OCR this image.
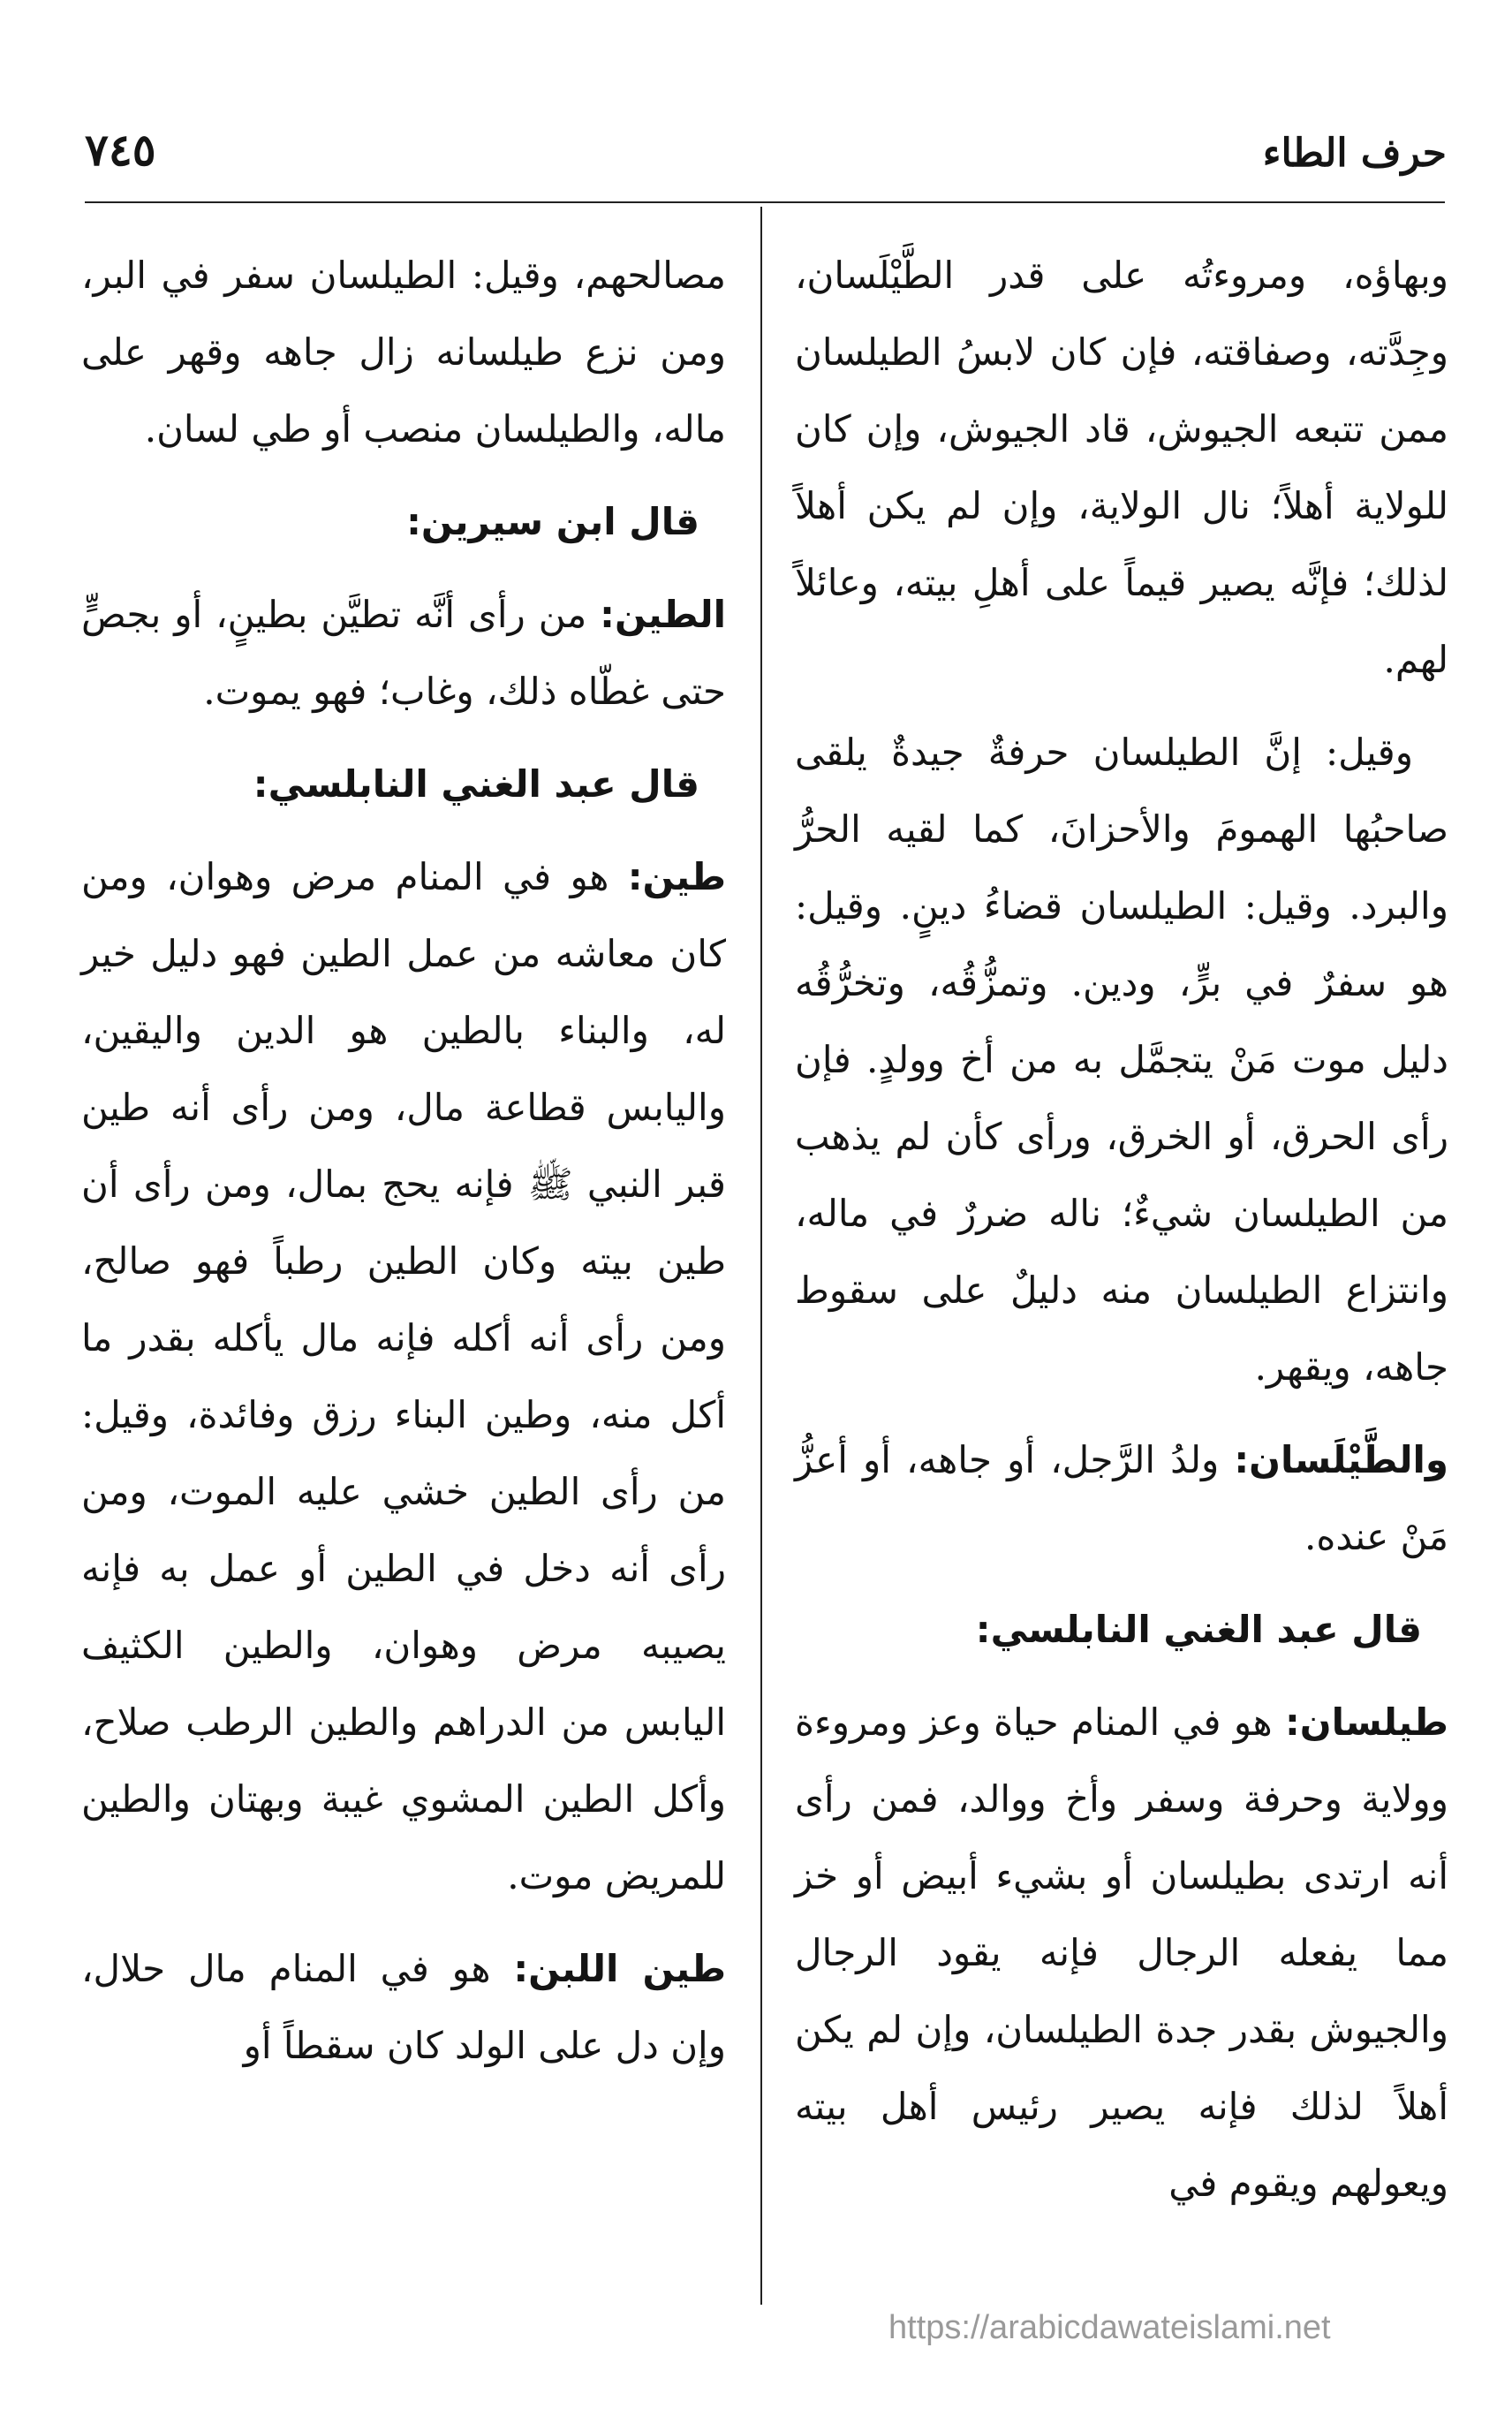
حرف الطاء
٧٤٥

وبهاؤه، ومروءتُه على قدر الطَّيْلَسان، وجِدَّته، وصفاقته، فإن كان لابسُ الطيلسان ممن تتبعه الجيوش، قاد الجيوش، وإن كان للولاية أهلاً؛ نال الولاية، وإن لم يكن أهلاً لذلك؛ فإنَّه يصير قيماً على أهلِ بيته، وعائلاً لهم.

وقيل: إنَّ الطيلسان حرفةٌ جيدةٌ يلقى صاحبُها الهمومَ والأحزانَ، كما لقيه الحرُّ والبرد. وقيل: الطيلسان قضاءُ دينٍ. وقيل: هو سفرٌ في برٍّ، ودين. وتمزُّقُه، وتخرُّقُه دليل موت مَنْ يتجمَّل به من أخ وولدٍ. فإن رأى الحرق، أو الخرق، ورأى كأن لم يذهب من الطيلسان شيءٌ؛ ناله ضررٌ في ماله، وانتزاع الطيلسان منه دليلٌ على سقوط جاهه، ويقهر.

والطَّيْلَسان: ولدُ الرَّجل، أو جاهه، أو أعزُّ مَنْ عنده.

قال عبد الغني النابلسي:

طيلسان: هو في المنام حياة وعز ومروءة وولاية وحرفة وسفر وأخ ووالد، فمن رأى أنه ارتدى بطيلسان أو بشيء أبيض أو خز مما يفعله الرجال فإنه يقود الرجال والجيوش بقدر جدة الطيلسان، وإن لم يكن أهلاً لذلك فإنه يصير رئيس أهل بيته ويعولهم ويقوم في

مصالحهم، وقيل: الطيلسان سفر في البر، ومن نزع طيلسانه زال جاهه وقهر على ماله، والطيلسان منصب أو طي لسان.

قال ابن سيرين:

الطين: من رأى أنَّه تطيَّن بطينٍ، أو بجصٍّ حتى غطّاه ذلك، وغاب؛ فهو يموت.

قال عبد الغني النابلسي:

طين: هو في المنام مرض وهوان، ومن كان معاشه من عمل الطين فهو دليل خير له، والبناء بالطين هو الدين واليقين، واليابس قطاعة مال، ومن رأى أنه طين قبر النبي ﷺ فإنه يحج بمال، ومن رأى أن طين بيته وكان الطين رطباً فهو صالح، ومن رأى أنه أكله فإنه مال يأكله بقدر ما أكل منه، وطين البناء رزق وفائدة، وقيل: من رأى الطين خشي عليه الموت، ومن رأى أنه دخل في الطين أو عمل به فإنه يصيبه مرض وهوان، والطين الكثيف اليابس من الدراهم والطين الرطب صلاح، وأكل الطين المشوي غيبة وبهتان والطين للمريض موت.

طين اللبن: هو في المنام مال حلال، وإن دل على الولد كان سقطاً أو

https://arabicdawateislami.net
